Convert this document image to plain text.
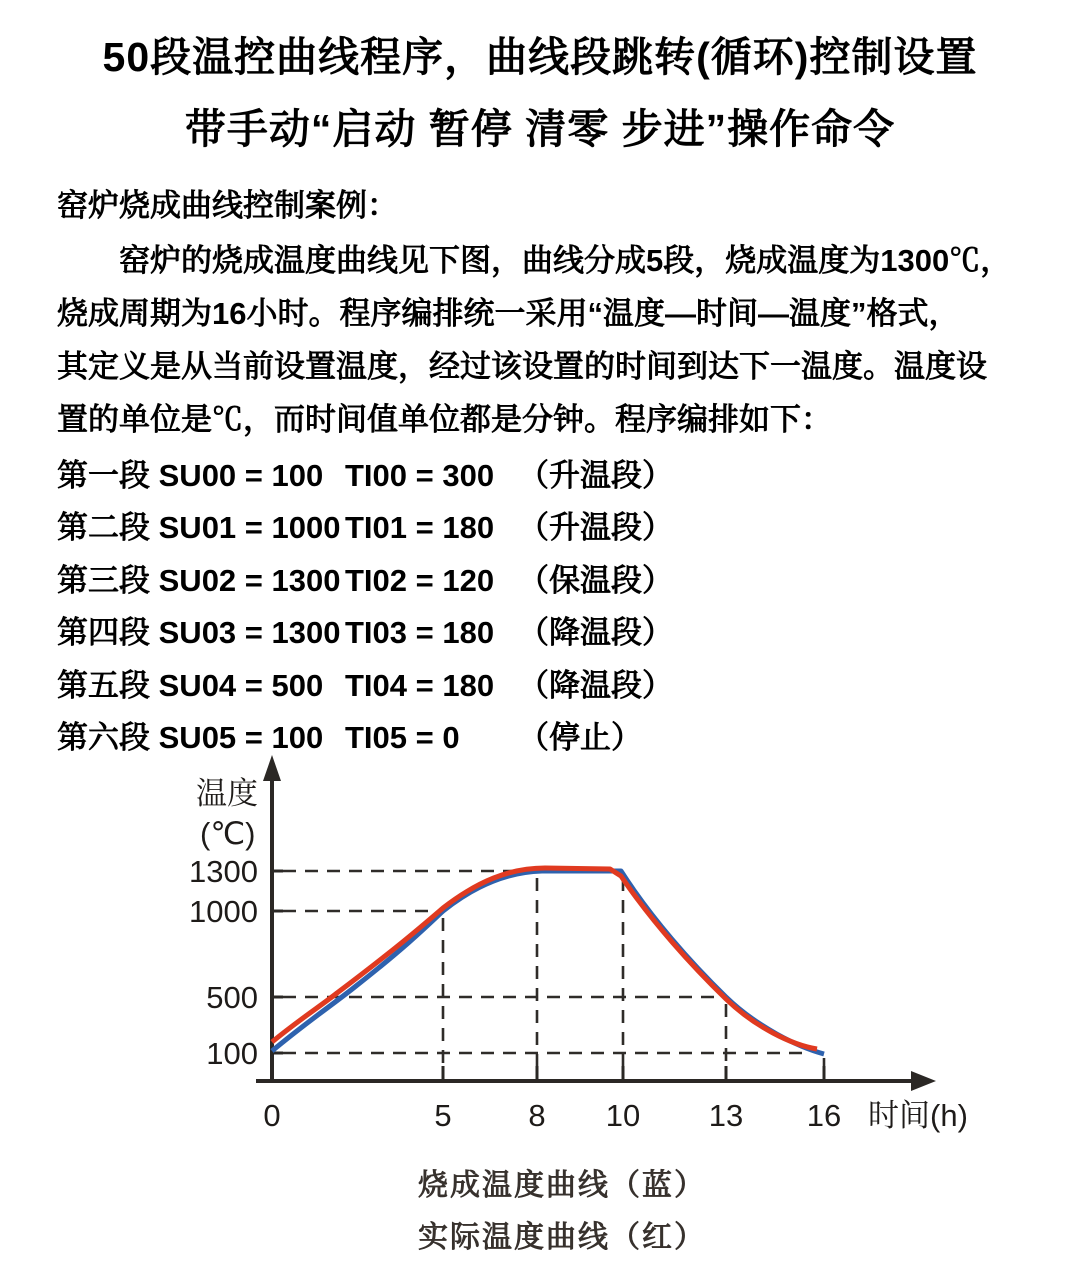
50段温控曲线程序，曲线段跳转(循环)控制设置
带手动“启动 暂停 清零 步进”操作命令
窑炉烧成曲线控制案例：
　　窑炉的烧成温度曲线见下图，曲线分成5段，烧成温度为1300℃，
烧成周期为16小时。程序编排统一采用“温度—时间—温度”格式，
其定义是从当前设置温度，经过该设置的时间到达下一温度。温度设
置的单位是℃，而时间值单位都是分钟。程序编排如下：
第一段 SU00 = 100 TI00 = 300 （升温段）
第二段 SU01 = 1000 TI01 = 180 （升温段）
第三段 SU02 = 1300 TI02 = 120 （保温段）
第四段 SU03 = 1300 TI03 = 180 （降温段）
第五段 SU04 = 500 TI04 = 180 （降温段）
第六段 SU05 = 100 TI05 = 0 （停止）
温度
(℃)
1300
1000
500
100
0	5 8 10 13 16 时间(h)
烧成温度曲线（蓝）
实际温度曲线（红）
